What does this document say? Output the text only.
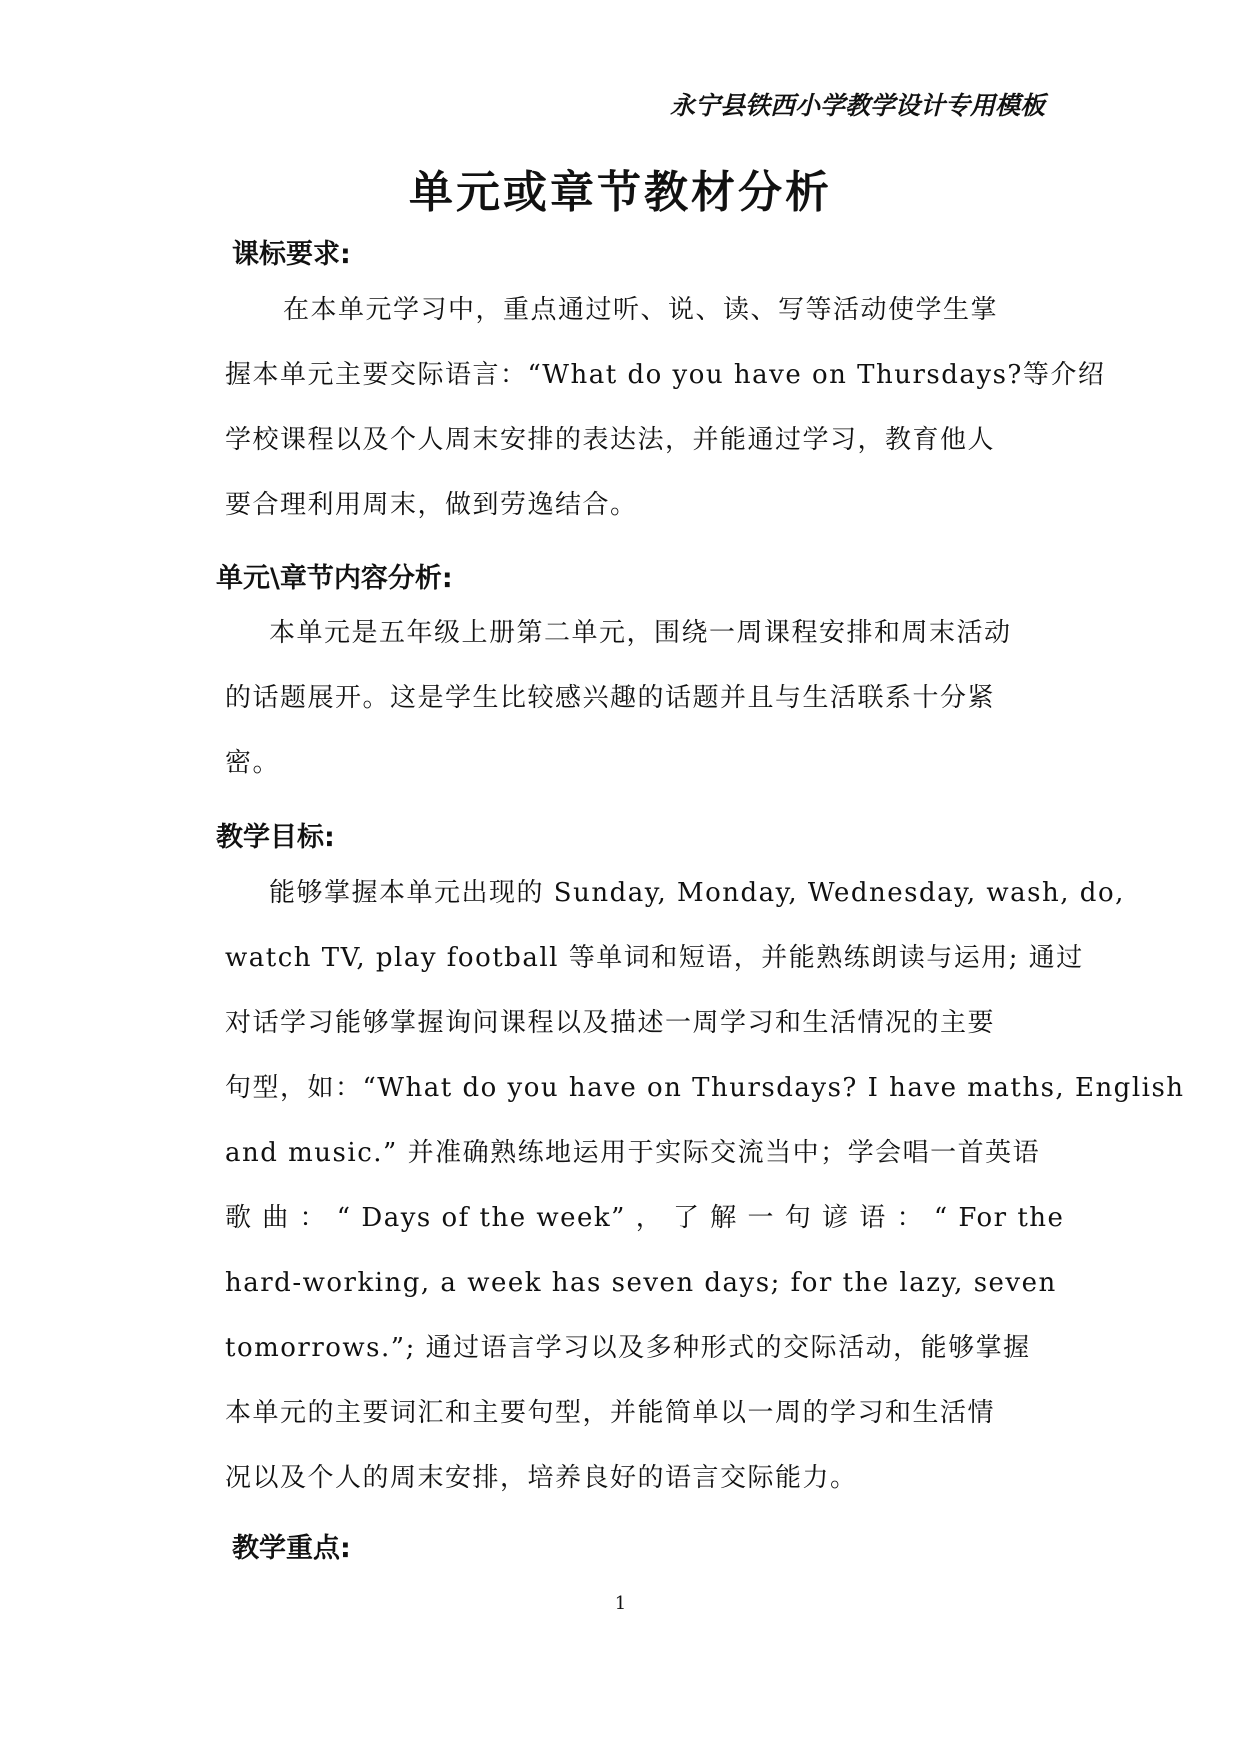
永宁县铁西小学教学设计专用模板
单元或章节教材分析
课标要求:
在本单元学习中，重点通过听、说、读、写等活动使学生掌
握本单元主要交际语言：“What do you have on Thursdays?等介绍
学校课程以及个人周末安排的表达法，并能通过学习，教育他人
要合理利用周末，做到劳逸结合。
单元\章节内容分析:
本单元是五年级上册第二单元，围绕一周课程安排和周末活动
的话题展开。这是学生比较感兴趣的话题并且与生活联系十分紧
密。
教学目标:
能够掌握本单元出现的 Sunday, Monday, Wednesday, wash, do,
watch TV, play football 等单词和短语，并能熟练朗读与运用; 通过
对话学习能够掌握询问课程以及描述一周学习和生活情况的主要
句型，如：“What do you have on Thursdays? I have maths, English
and music.” 并准确熟练地运用于实际交流当中；学会唱一首英语
歌 曲 ： “ Days of the week” ， 了 解 一 句 谚 语 ： “ For the
hard-working, a week has seven days; for the lazy, seven
tomorrows.”; 通过语言学习以及多种形式的交际活动，能够掌握
本单元的主要词汇和主要句型，并能简单以一周的学习和生活情
况以及个人的周末安排，培养良好的语言交际能力。
教学重点:
1
